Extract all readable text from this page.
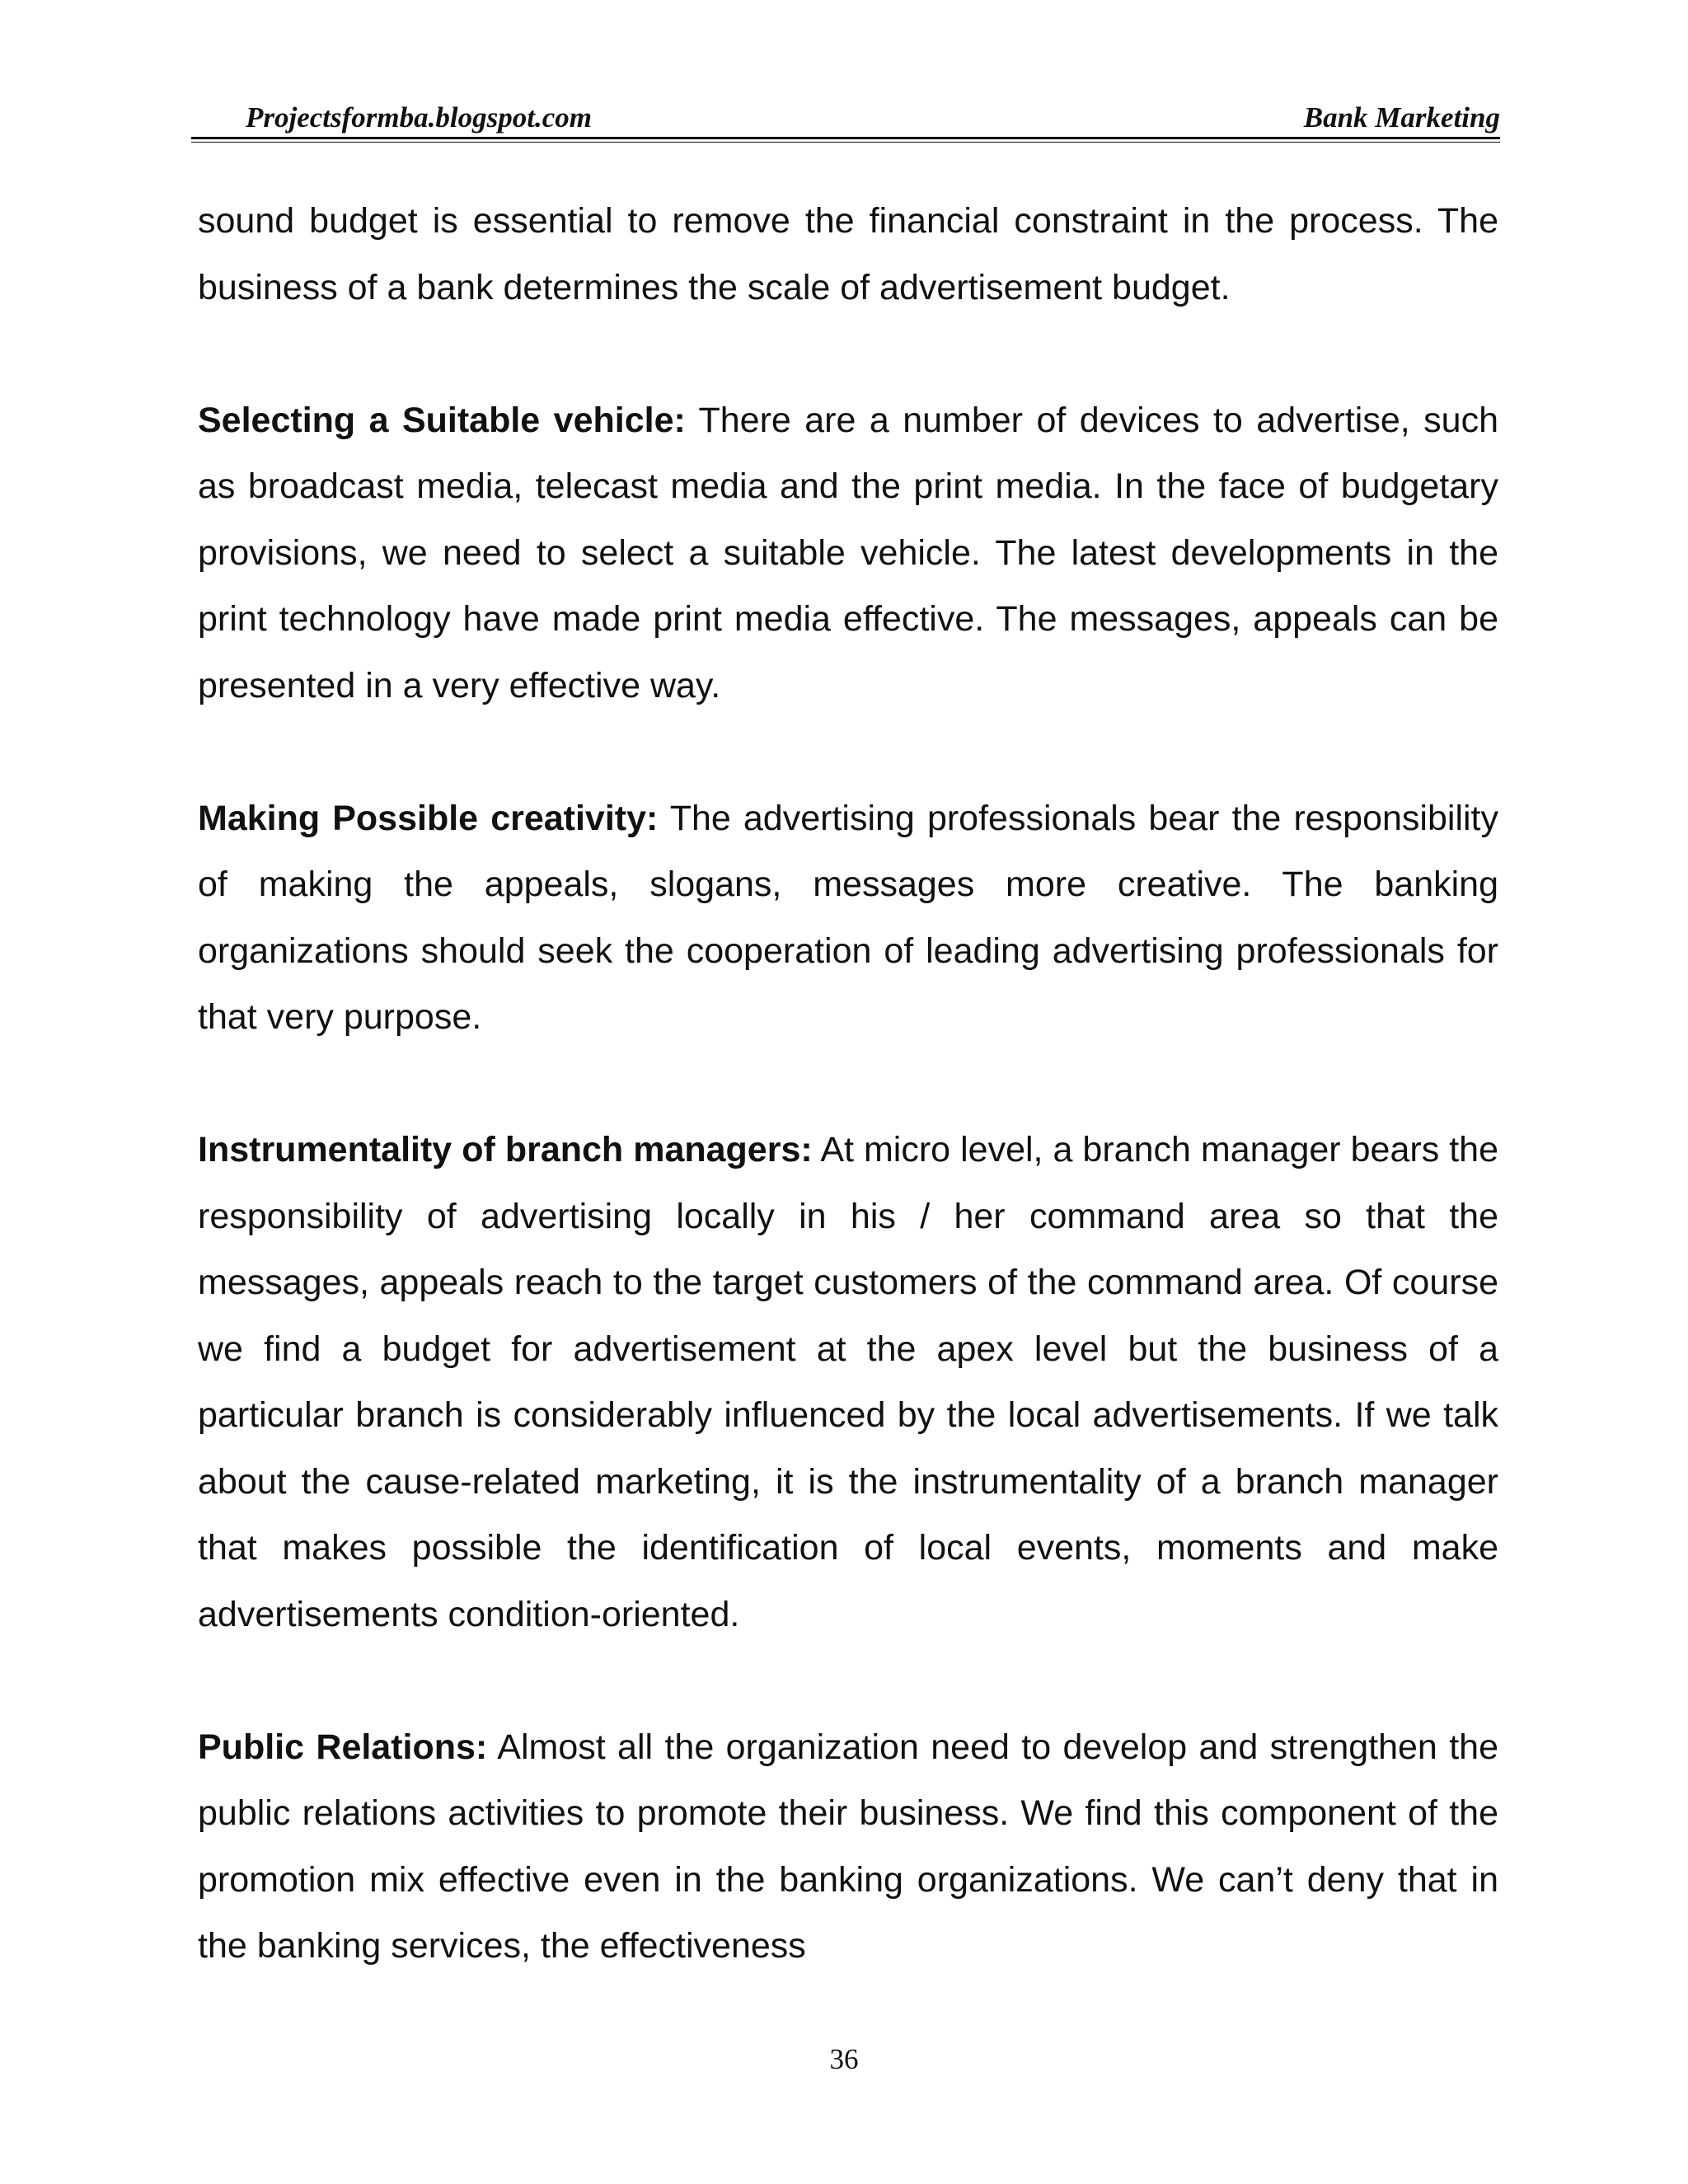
Projectsformba.blogspot.com	Bank Marketing

sound budget is essential to remove the financial constraint in the process. The business of a bank determines the scale of advertisement budget.

Selecting a Suitable vehicle: There are a number of devices to advertise, such as broadcast media, telecast media and the print media. In the face of budgetary provisions, we need to select a suitable vehicle. The latest developments in the print technology have made print media effective. The messages, appeals can be presented in a very effective way.

Making Possible creativity: The advertising professionals bear the responsibility of making the appeals, slogans, messages more creative. The banking organizations should seek the cooperation of leading advertising professionals for that very purpose.

Instrumentality of branch managers: At micro level, a branch manager bears the responsibility of advertising locally in his / her command area so that the messages, appeals reach to the target customers of the command area. Of course we find a budget for advertisement at the apex level but the business of a particular branch is considerably influenced by the local advertisements. If we talk about the cause-related marketing, it is the instrumentality of a branch manager that makes possible the identification of local events, moments and make advertisements condition-oriented.

Public Relations: Almost all the organization need to develop and strengthen the public relations activities to promote their business. We find this component of the promotion mix effective even in the banking organizations. We can’t deny that in the banking services, the effectiveness

36
